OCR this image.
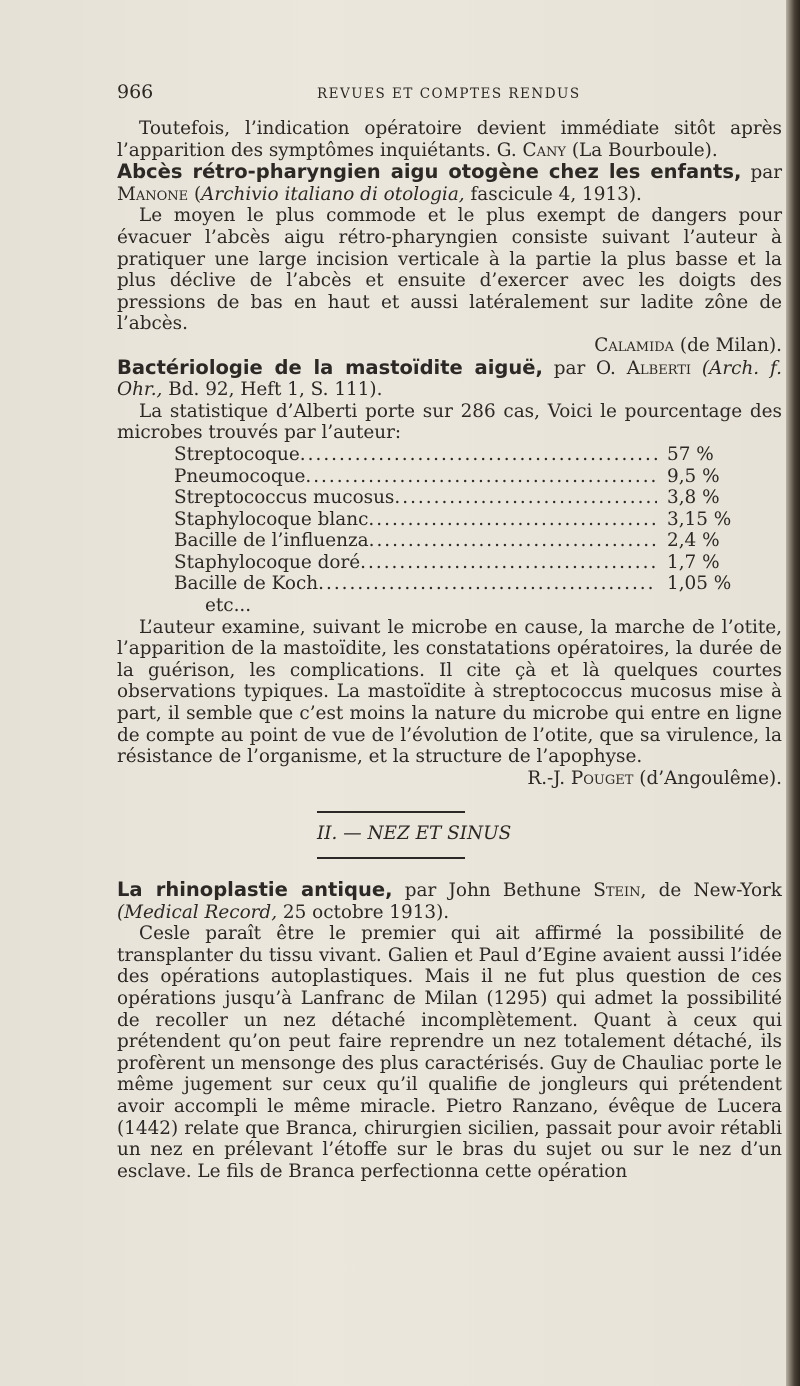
966	REVUES ET COMPTES RENDUS

Toutefois, l’indication opératoire devient immédiate sitôt après l’apparition des symptômes inquiétants. G. Cany (La Bourboule).

Abcès rétro-pharyngien aigu otogène chez les enfants, par Manone (Archivio italiano di otologia, fascicule 4, 1913).

Le moyen le plus commode et le plus exempt de dangers pour évacuer l’abcès aigu rétro-pharyngien consiste suivant l’auteur à pratiquer une large incision verticale à la partie la plus basse et la plus déclive de l’abcès et ensuite d’exercer avec les doigts des pressions de bas en haut et aussi latéralement sur ladite zône de l’abcès.

Calamida (de Milan).

Bactériologie de la mastoïdite aiguë, par O. Alberti (Arch. f. Ohr., Bd. 92, Heft 1, S. 111).

La statistique d’Alberti porte sur 286 cas, Voici le pourcentage des microbes trouvés par l’auteur:

Streptocoque .....	57 %
Pneumocoque .....	9,5 %
Streptococcus mucosus .....	3,8 %
Staphylocoque blanc .....	3,15 %
Bacille de l’influenza .....	2,4 %
Staphylocoque doré .....	1,7 %
Bacille de Koch .....	1,05 %

etc...

L’auteur examine, suivant le microbe en cause, la marche de l’otite, l’apparition de la mastoïdite, les constatations opératoires, la durée de la guérison, les complications. Il cite çà et là quelques courtes observations typiques. La mastoïdite à streptococcus mucosus mise à part, il semble que c’est moins la nature du microbe qui entre en ligne de compte au point de vue de l’évolution de l’otite, que sa virulence, la résistance de l’organisme, et la structure de l’apophyse.

R.-J. Pouget (d’Angoulême).

II. — NEZ ET SINUS

La rhinoplastie antique, par John Bethune Stein, de New-York (Medical Record, 25 octobre 1913).

Cesle paraît être le premier qui ait affirmé la possibilité de transplanter du tissu vivant. Galien et Paul d’Egine avaient aussi l’idée des opérations autoplastiques. Mais il ne fut plus question de ces opérations jusqu’à Lanfranc de Milan (1295) qui admet la possibilité de recoller un nez détaché incomplètement. Quant à ceux qui prétendent qu’on peut faire reprendre un nez totalement détaché, ils profèrent un mensonge des plus caractérisés. Guy de Chauliac porte le même jugement sur ceux qu’il qualifie de jongleurs qui prétendent avoir accompli le même miracle. Pietro Ranzano, évêque de Lucera (1442) relate que Branca, chirurgien sicilien, passait pour avoir rétabli un nez en prélevant l’étoffe sur le bras du sujet ou sur le nez d’un esclave. Le fils de Branca perfectionna cette opération
